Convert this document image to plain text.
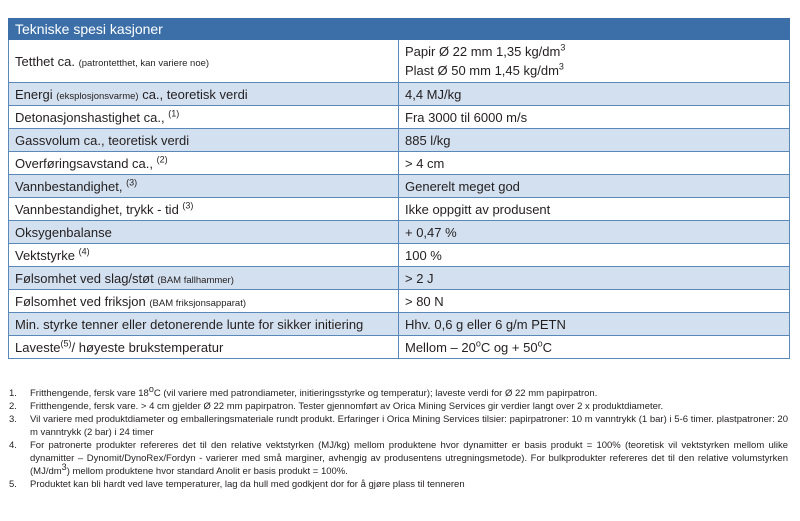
Tekniske spesi kasjoner	
Tetthet ca. (patrontetthet, kan variere noe)	Papir Ø 22 mm 1,35 $kg/dm^3$
Plast Ø 50 mm 1,45 $kg/dm^3$

Energi (eksplosjonsvarme) ca., teoretisk verdi	4,4 MJ/kg
Detonasjonshastighet ca., $^{(1)}$	Fra 3000 til 6000 m/s
Gassvolum ca., teoretisk verdi	885 l/kg
Overføringsavstand ca., $^{(2)}$	> 4 cm
Vannbestandighet, $^{(3)}$	Generelt meget god
Vannbestandighet, trykk - tid $^{(3)}$	Ikke oppgitt av produsent
Oksygenbalanse	+ 0,47 %
Vektstyrke $^{(4)}$	100 %
Følsomhet ved slag/støt (BAM fallhammer)	> 2 J
Følsomhet ved friksjon (BAM friksjonsapparat)	> 80 N
Min. styrke tenner eller detonerende lunte for sikker initiering	Hhv. 0,6 g eller 6 g/m PETN
Laveste$^{(5)}$/ høyeste brukstemperatur	Mellom – 20$^o$C og + $50^oC$
1. Fritthengende, fersk vare 18oC (vil variere med patrondiameter, initieringsstyrke og temperatur); laveste verdi for Ø 22 mm papirpatron.
2. Fritthengende, fersk vare. > 4 cm gjelder Ø 22 mm papirpatron. Tester gjennomført av Orica Mining Services gir verdier langt over 2 x produktdiameter.
3. Vil variere med produktdiameter og emballeringsmateriale rundt produkt. Erfaringer i Orica Mining Services tilsier: papirpatroner: 10 m vanntrykk (1 bar) i 5-6 timer. plastpatroner: 20 m vanntrykk (2 bar) i 24 timer
4. For patronerte produkter refereres det til den relative vektstyrken (MJ/kg) mellom produktene hvor dynamitter er basis produkt = 100% (teoretisk vil vektstyrken mellom ulike dynamitter – Dynomit/DynoRex/Fordyn - varierer med små marginer, avhengig av produsentens utregningsmetode). For bulkprodukter refereres det til den relative volumstyrken (MJ/dm3) mellom produktene hvor standard Anolit er basis produkt = 100%.
5. Produktet kan bli hardt ved lave temperaturer, lag da hull med godkjent dor for å gjøre plass til tenneren
